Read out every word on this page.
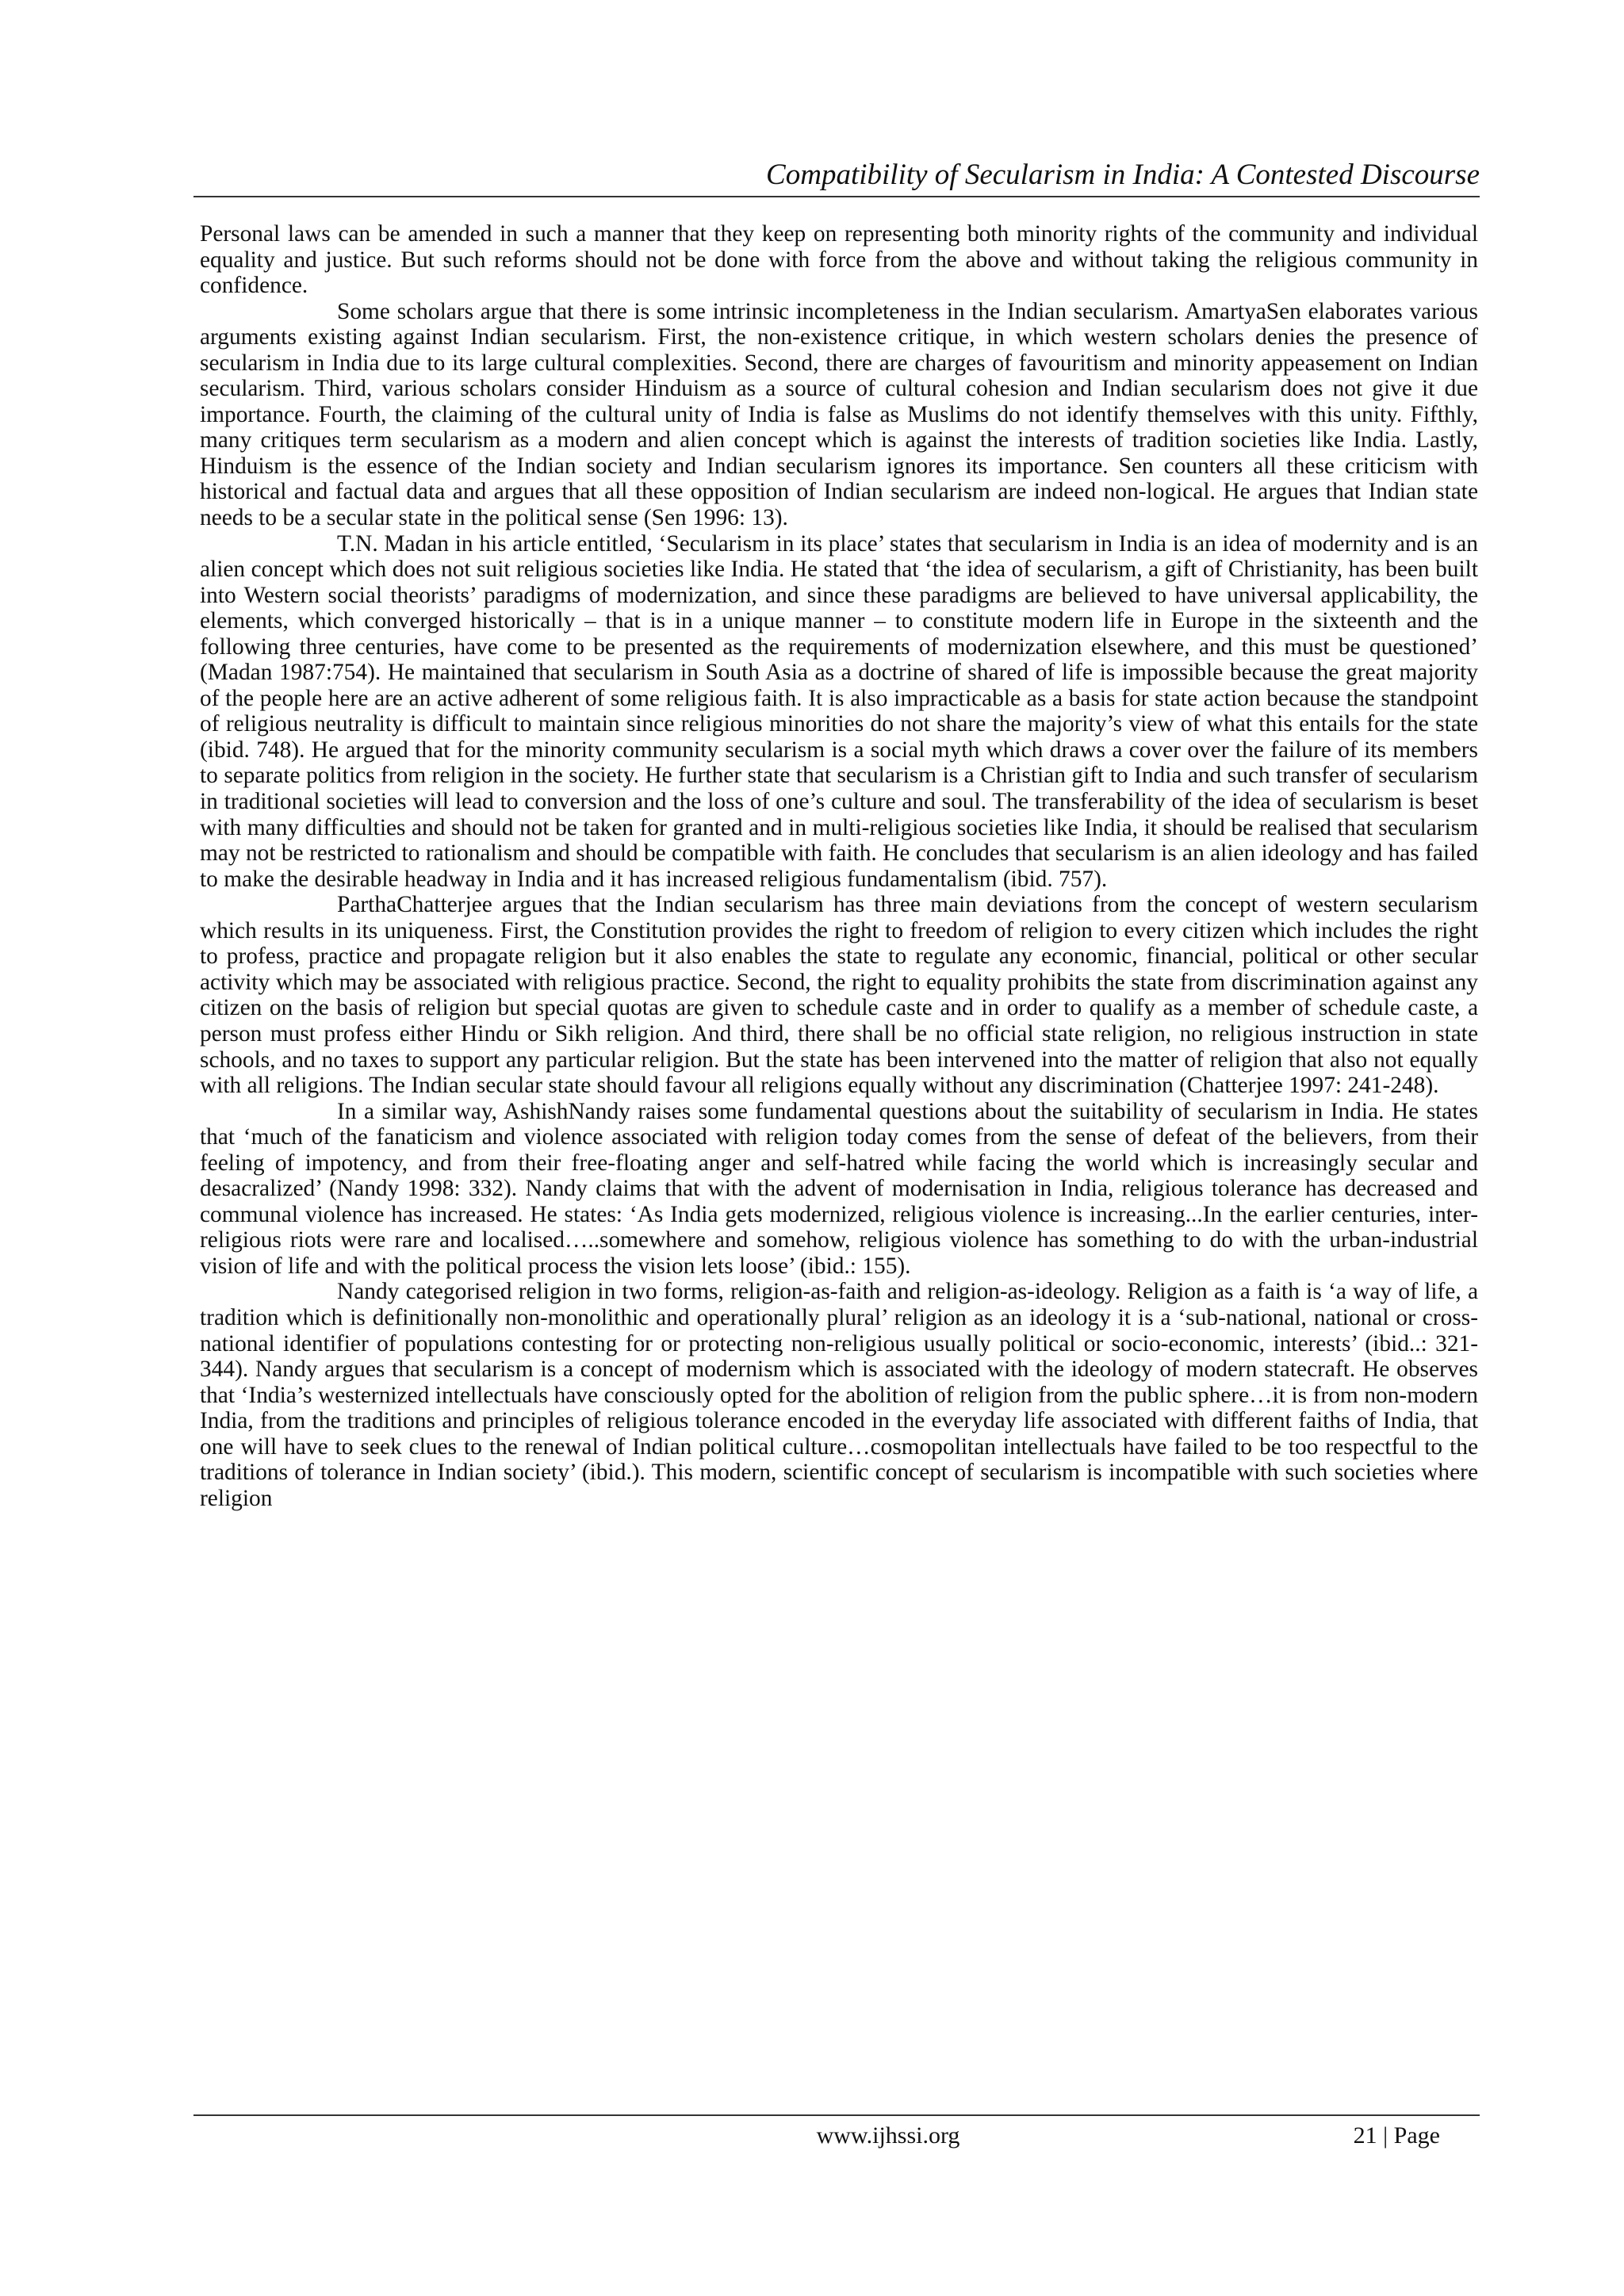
Compatibility of Secularism in India: A Contested Discourse

Personal laws can be amended in such a manner that they keep on representing both minority rights of the community and individual equality and justice. But such reforms should not be done with force from the above and without taking the religious community in confidence.

Some scholars argue that there is some intrinsic incompleteness in the Indian secularism. AmartyaSen elaborates various arguments existing against Indian secularism. First, the non-existence critique, in which western scholars denies the presence of secularism in India due to its large cultural complexities. Second, there are charges of favouritism and minority appeasement on Indian secularism. Third, various scholars consider Hinduism as a source of cultural cohesion and Indian secularism does not give it due importance. Fourth, the claiming of the cultural unity of India is false as Muslims do not identify themselves with this unity. Fifthly, many critiques term secularism as a modern and alien concept which is against the interests of tradition societies like India. Lastly, Hinduism is the essence of the Indian society and Indian secularism ignores its importance. Sen counters all these criticism with historical and factual data and argues that all these opposition of Indian secularism are indeed non-logical. He argues that Indian state needs to be a secular state in the political sense (Sen 1996: 13).

T.N. Madan in his article entitled, ‘Secularism in its place’ states that secularism in India is an idea of modernity and is an alien concept which does not suit religious societies like India. He stated that ‘the idea of secularism, a gift of Christianity, has been built into Western social theorists’ paradigms of modernization, and since these paradigms are believed to have universal applicability, the elements, which converged historically – that is in a unique manner – to constitute modern life in Europe in the sixteenth and the following three centuries, have come to be presented as the requirements of modernization elsewhere, and this must be questioned’ (Madan 1987:754). He maintained that secularism in South Asia as a doctrine of shared of life is impossible because the great majority of the people here are an active adherent of some religious faith. It is also impracticable as a basis for state action because the standpoint of religious neutrality is difficult to maintain since religious minorities do not share the majority’s view of what this entails for the state (ibid. 748). He argued that for the minority community secularism is a social myth which draws a cover over the failure of its members to separate politics from religion in the society. He further state that secularism is a Christian gift to India and such transfer of secularism in traditional societies will lead to conversion and the loss of one’s culture and soul. The transferability of the idea of secularism is beset with many difficulties and should not be taken for granted and in multi-religious societies like India, it should be realised that secularism may not be restricted to rationalism and should be compatible with faith. He concludes that secularism is an alien ideology and has failed to make the desirable headway in India and it has increased religious fundamentalism (ibid. 757).

ParthaChatterjee argues that the Indian secularism has three main deviations from the concept of western secularism which results in its uniqueness. First, the Constitution provides the right to freedom of religion to every citizen which includes the right to profess, practice and propagate religion but it also enables the state to regulate any economic, financial, political or other secular activity which may be associated with religious practice. Second, the right to equality prohibits the state from discrimination against any citizen on the basis of religion but special quotas are given to schedule caste and in order to qualify as a member of schedule caste, a person must profess either Hindu or Sikh religion. And third, there shall be no official state religion, no religious instruction in state schools, and no taxes to support any particular religion. But the state has been intervened into the matter of religion that also not equally with all religions. The Indian secular state should favour all religions equally without any discrimination (Chatterjee 1997: 241-248).

In a similar way, AshishNandy raises some fundamental questions about the suitability of secularism in India. He states that ‘much of the fanaticism and violence associated with religion today comes from the sense of defeat of the believers, from their feeling of impotency, and from their free-floating anger and self-hatred while facing the world which is increasingly secular and desacralized’ (Nandy 1998: 332). Nandy claims that with the advent of modernisation in India, religious tolerance has decreased and communal violence has increased. He states: ‘As India gets modernized, religious violence is increasing...In the earlier centuries, inter-religious riots were rare and localised…..somewhere and somehow, religious violence has something to do with the urban-industrial vision of life and with the political process the vision lets loose’ (ibid.: 155).

Nandy categorised religion in two forms, religion-as-faith and religion-as-ideology. Religion as a faith is ‘a way of life, a tradition which is definitionally non-monolithic and operationally plural’ religion as an ideology it is a ‘sub-national, national or cross-national identifier of populations contesting for or protecting non-religious usually political or socio-economic, interests’ (ibid..: 321-344). Nandy argues that secularism is a concept of modernism which is associated with the ideology of modern statecraft. He observes that ‘India’s westernized intellectuals have consciously opted for the abolition of religion from the public sphere…it is from non-modern India, from the traditions and principles of religious tolerance encoded in the everyday life associated with different faiths of India, that one will have to seek clues to the renewal of Indian political culture…cosmopolitan intellectuals have failed to be too respectful to the traditions of tolerance in Indian society’ (ibid.). This modern, scientific concept of secularism is incompatible with such societies where religion

www.ijhssi.org	21 | Page
